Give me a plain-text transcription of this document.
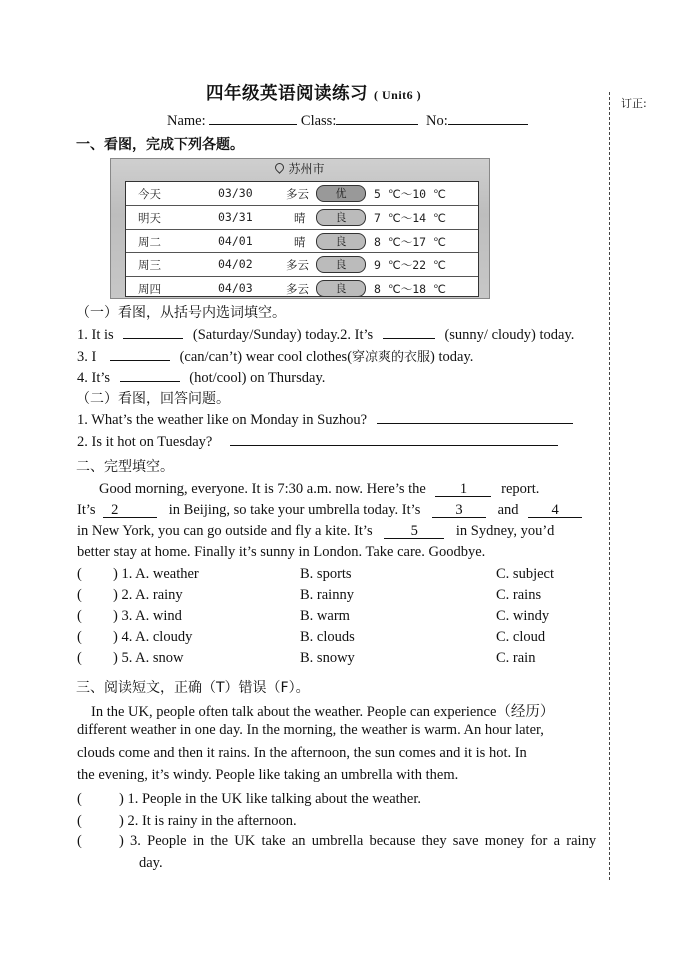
四年级英语阅读练习 ( Unit6 )
Name:	Class:	No:
订正:
一、看图，完成下列各题。
苏州市
今天	03/30	多云	优	5 ℃～10 ℃
明天	03/31	晴	良	7 ℃～14 ℃
周二	04/01	晴	良	8 ℃～17 ℃
周三	04/02	多云	良	9 ℃～22 ℃
周四	04/03	多云	良	8 ℃～18 ℃
（一）看图，从括号内选词填空。
1. It is	(Saturday/Sunday) today.2. It’s	(sunny/ cloudy) today.
3. I	(can/can’t) wear cool clothes(穿凉爽的衣服) today.
4. It’s	(hot/cool) on Thursday.
（二）看图，回答问题。
1. What’s the weather like on Monday in Suzhou?
2. Is it hot on Tuesday?
二、完型填空。
Good morning, everyone. It is 7:30 a.m. now. Here’s the 1 report.
It’s 2	in Beijing, so take your umbrella today. It’s 3 and 4
in New York, you can go outside and fly a kite. It’s	5	in Sydney, you’d
better stay at home. Finally it’s sunny in London. Take care. Goodbye.
( ) 1. A. weather	B. sports	C. subject
( ) 2. A. rainy	B. rainny	C. rains
( ) 3. A. wind	B. warm	C. windy
( ) 4. A. cloudy	B. clouds	C. cloud
( ) 5. A. snow	B. snowy	C. rain
三、阅读短文，正确（T）错误（F）。
In the UK, people often talk about the weather. People can experience（经历）
different weather in one day. In the morning, the weather is warm. An hour later,
clouds come and then it rains. In the afternoon, the sun comes and it is hot. In
the evening, it’s windy. People like taking an umbrella with them.
(	) 1. People in the UK like talking about the weather.
(	) 2. It is rainy in the afternoon.
(	) 3. People in the UK take an umbrella because they save money for a rainy
day.
